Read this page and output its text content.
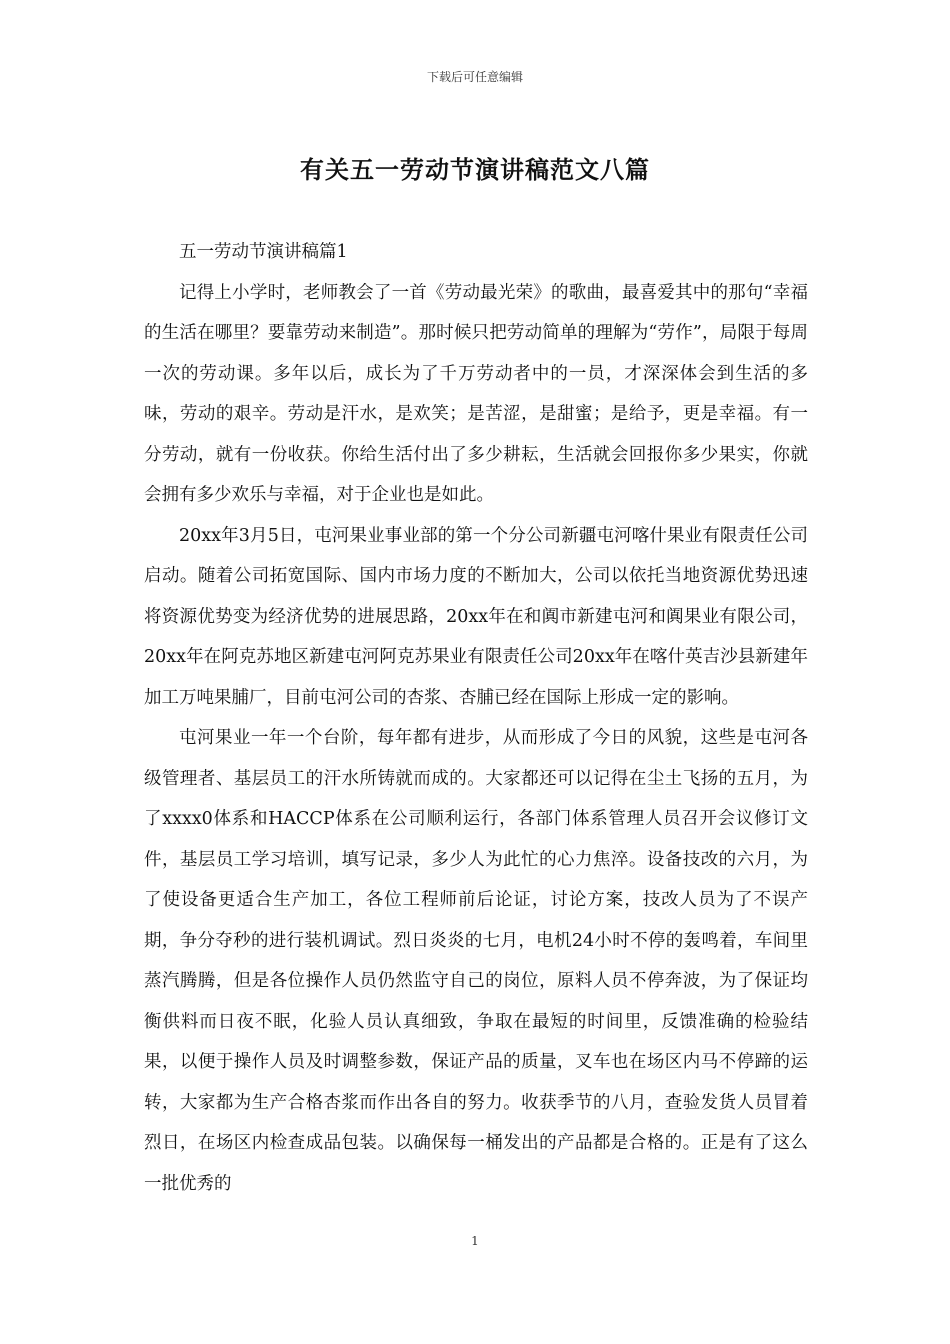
下载后可任意编辑
有关五一劳动节演讲稿范文八篇

五一劳动节演讲稿篇1

记得上小学时，老师教会了一首《劳动最光荣》的歌曲，最喜爱其中的那句“幸福的生活在哪里？要靠劳动来制造”。那时候只把劳动简单的理解为“劳作”，局限于每周一次的劳动课。多年以后，成长为了千万劳动者中的一员，才深深体会到生活的多味，劳动的艰辛。劳动是汗水，是欢笑；是苦涩，是甜蜜；是给予，更是幸福。有一分劳动，就有一份收获。你给生活付出了多少耕耘，生活就会回报你多少果实，你就会拥有多少欢乐与幸福，对于企业也是如此。

20xx年3月5日，屯河果业事业部的第一个分公司新疆屯河喀什果业有限责任公司启动。随着公司拓宽国际、国内市场力度的不断加大，公司以依托当地资源优势迅速将资源优势变为经济优势的进展思路，20xx年在和阗市新建屯河和阗果业有限公司，20xx年在阿克苏地区新建屯河阿克苏果业有限责任公司20xx年在喀什英吉沙县新建年加工万吨果脯厂，目前屯河公司的杏浆、杏脯已经在国际上形成一定的影响。

屯河果业一年一个台阶，每年都有进步，从而形成了今日的风貌，这些是屯河各级管理者、基层员工的汗水所铸就而成的。大家都还可以记得在尘土飞扬的五月，为了xxxx0体系和HACCP体系在公司顺利运行，各部门体系管理人员召开会议修订文件，基层员工学习培训，填写记录，多少人为此忙的心力焦淬。设备技改的六月，为了使设备更适合生产加工，各位工程师前后论证，讨论方案，技改人员为了不误产期，争分夺秒的进行装机调试。烈日炎炎的七月，电机24小时不停的轰鸣着，车间里蒸汽腾腾，但是各位操作人员仍然监守自己的岗位，原料人员不停奔波，为了保证均衡供料而日夜不眠，化验人员认真细致，争取在最短的时间里，反馈准确的检验结果，以便于操作人员及时调整参数，保证产品的质量，叉车也在场区内马不停蹄的运转，大家都为生产合格杏浆而作出各自的努力。收获季节的八月，查验发货人员冒着烈日，在场区内检查成品包装。以确保每一桶发出的产品都是合格的。正是有了这么一批优秀的

1
